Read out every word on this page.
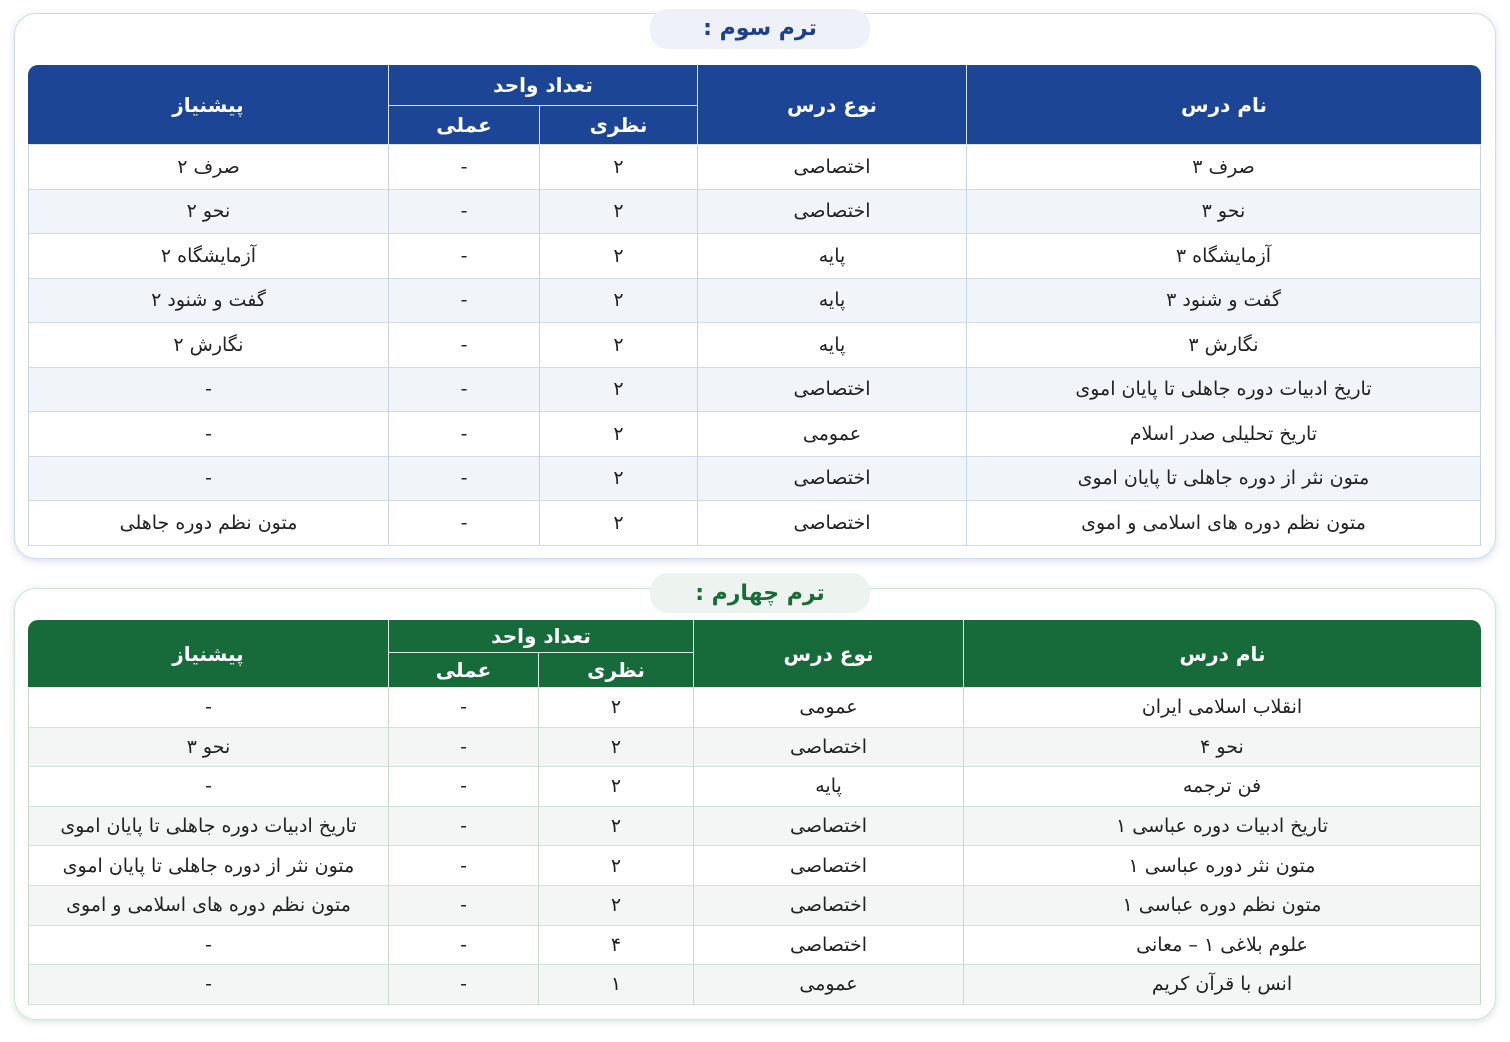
ترم سوم :
نام درس	نوع درس	تعداد واحد		پیشنیاز
		نظری	عملی	
صرف ۳	اختصاصی	۲	-	صرف ۲
نحو ۳	اختصاصی	۲	-	نحو ۲
آزمایشگاه ۳	پایه	۲	-	آزمایشگاه ۲
گفت و شنود ۳	پایه	۲	-	گفت و شنود ۲
نگارش ۳	پایه	۲	-	نگارش ۲
تاریخ ادبیات دوره جاهلی تا پایان اموی	اختصاصی	۲	-	-
تاریخ تحلیلی صدر اسلام	عمومی	۲	-	-
متون نثر از دوره جاهلی تا پایان اموی	اختصاصی	۲	-	-
متون نظم دوره های اسلامی و اموی	اختصاصی	۲	-	متون نظم دوره جاهلی
ترم چهارم :
نام درس	نوع درس	تعداد واحد		پیشنیاز
		نظری	عملی	
انقلاب اسلامی ایران	عمومی	۲	-	-
نحو ۴	اختصاصی	۲	-	نحو ۳
فن ترجمه	پایه	۲	-	-
تاریخ ادبیات دوره عباسی ۱	اختصاصی	۲	-	تاریخ ادبیات دوره جاهلی تا پایان اموی
متون نثر دوره عباسی ۱	اختصاصی	۲	-	متون نثر از دوره جاهلی تا پایان اموی
متون نظم دوره عباسی ۱	اختصاصی	۲	-	متون نظم دوره های اسلامی و اموی
علوم بلاغی ۱ – معانی	اختصاصی	۴	-	-
انس با قرآن کریم	عمومی	۱	-	-
